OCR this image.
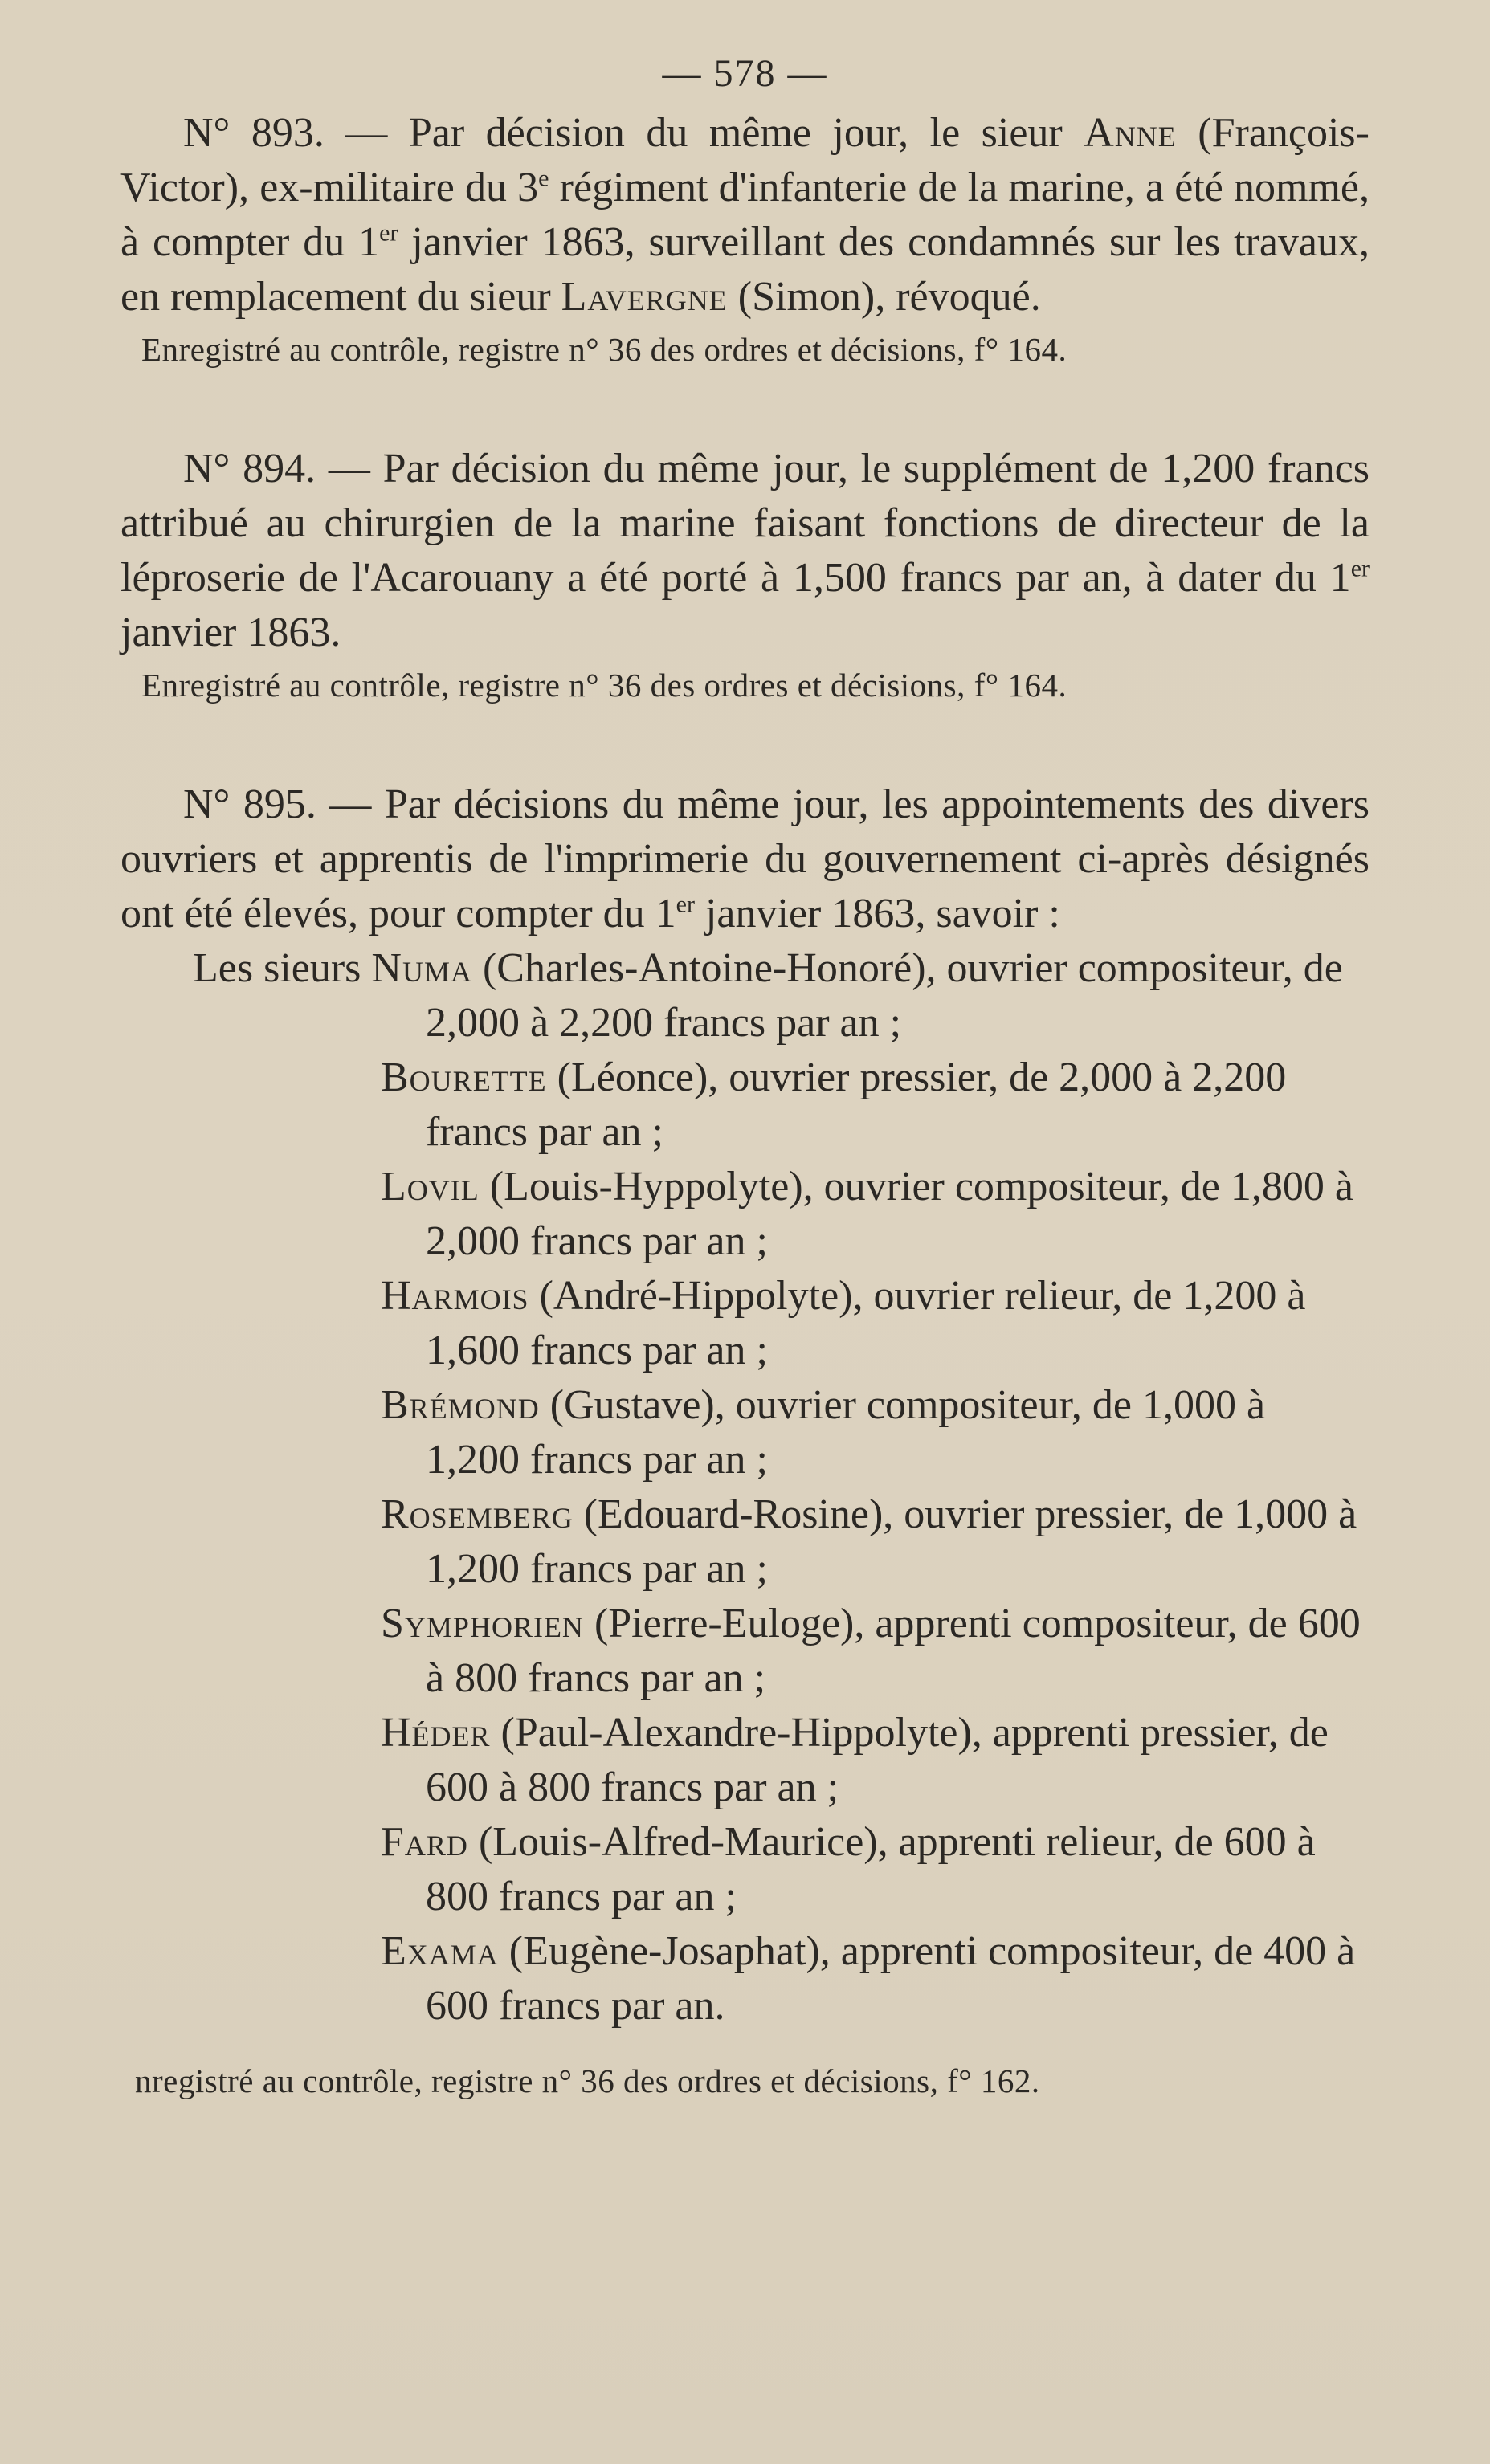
— 578 —

N° 893. — Par décision du même jour, le sieur Anne (François-Victor), ex-militaire du 3e régiment d'infanterie de la marine, a été nommé, à compter du 1er janvier 1863, surveillant des condamnés sur les travaux, en remplacement du sieur Lavergne (Simon), révoqué.

Enregistré au contrôle, registre n° 36 des ordres et décisions, f° 164.

N° 894. — Par décision du même jour, le supplément de 1,200 francs attribué au chirurgien de la marine faisant fonctions de directeur de la léproserie de l'Acarouany a été porté à 1,500 francs par an, à dater du 1er janvier 1863.

Enregistré au contrôle, registre n° 36 des ordres et décisions, f° 164.

N° 895. — Par décisions du même jour, les appointements des divers ouvriers et apprentis de l'imprimerie du gouvernement ci-après désignés ont été élevés, pour compter du 1er janvier 1863, savoir :

Les sieurs Numa (Charles-Antoine-Honoré), ouvrier compositeur, de 2,000 à 2,200 francs par an ;

Bourette (Léonce), ouvrier pressier, de 2,000 à 2,200 francs par an ;

Lovil (Louis-Hyppolyte), ouvrier compositeur, de 1,800 à 2,000 francs par an ;

Harmois (André-Hippolyte), ouvrier relieur, de 1,200 à 1,600 francs par an ;

Brémond (Gustave), ouvrier compositeur, de 1,000 à 1,200 francs par an ;

Rosemberg (Edouard-Rosine), ouvrier pressier, de 1,000 à 1,200 francs par an ;

Symphorien (Pierre-Euloge), apprenti compositeur, de 600 à 800 francs par an ;

Héder (Paul-Alexandre-Hippolyte), apprenti pressier, de 600 à 800 francs par an ;

Fard (Louis-Alfred-Maurice), apprenti relieur, de 600 à 800 francs par an ;

Exama (Eugène-Josaphat), apprenti compositeur, de 400 à 600 francs par an.

nregistré au contrôle, registre n° 36 des ordres et décisions, f° 162.
